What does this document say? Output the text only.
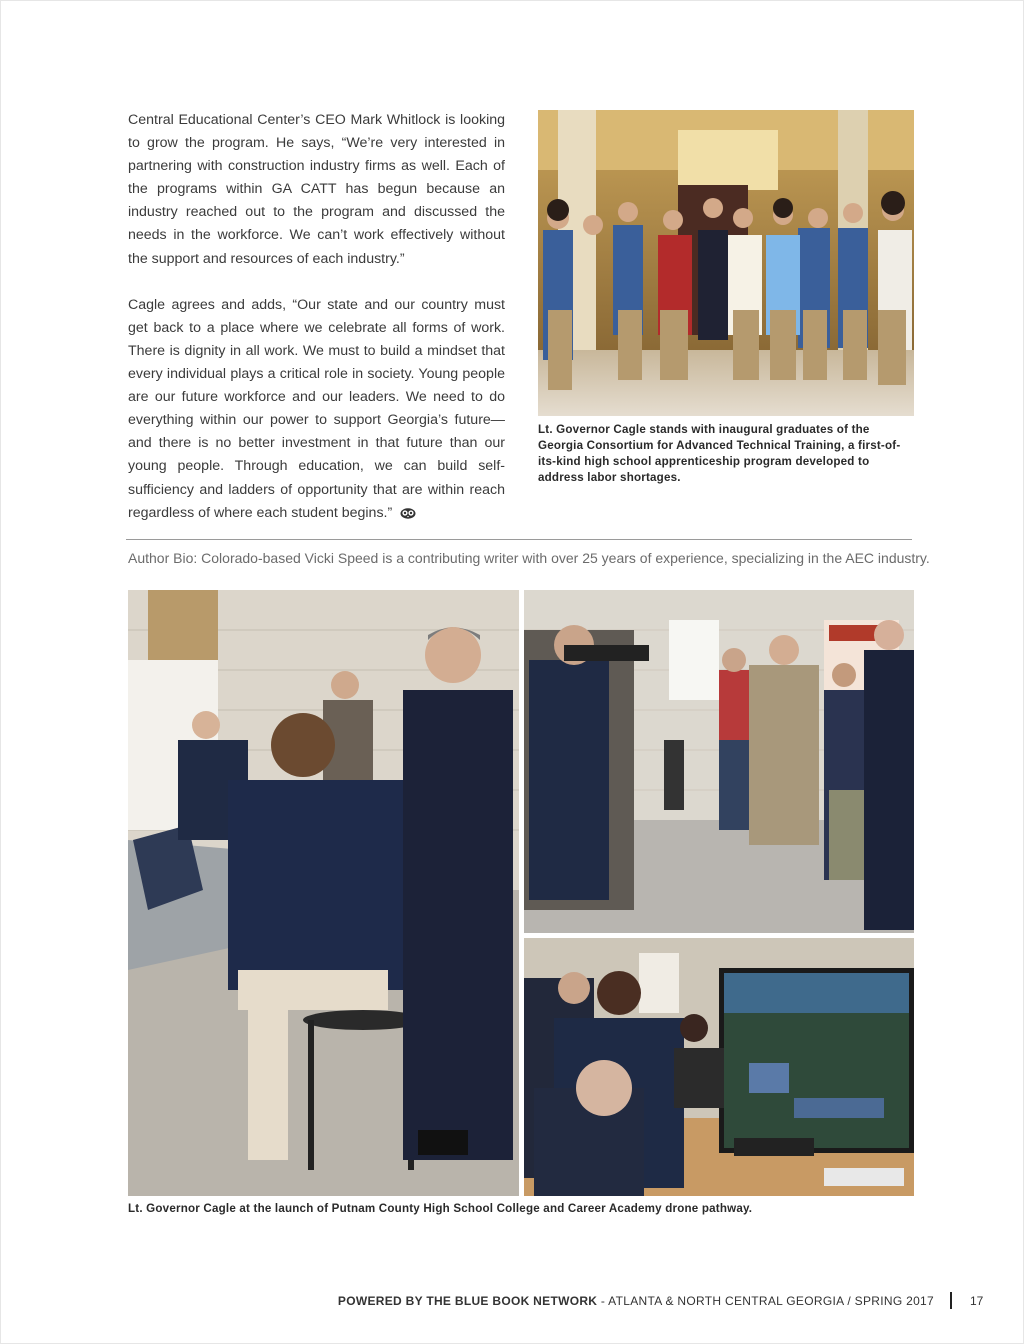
Central Educational Center’s CEO Mark Whitlock is looking to grow the program. He says, “We’re very interested in partnering with construction industry firms as well. Each of the programs within GA CATT has begun because an industry reached out to the program and discussed the needs in the workforce. We can’t work effectively without the support and resources of each industry.”

Cagle agrees and adds, “Our state and our country must get back to a place where we celebrate all forms of work. There is dignity in all work. We must to build a mindset that every individual plays a critical role in society. Young people are our future workforce and our leaders. We need to do everything within our power to support Georgia’s future—and there is no better investment in that future than our young people. Through education, we can build self-sufficiency and ladders of opportunity that are within reach regardless of where each student begins.”

Lt. Governor Cagle stands with inaugural graduates of the Georgia Consortium for Advanced Technical Training, a first-of-its-kind high school apprenticeship program developed to address labor shortages.
Author Bio: Colorado-based Vicki Speed is a contributing writer with over 25 years of experience, specializing in the AEC industry.
Lt. Governor Cagle at the launch of Putnam County High School College and Career Academy drone pathway.
POWERED BY THE BLUE BOOK NETWORK - ATLANTA & NORTH CENTRAL GEORGIA / SPRING 2017	17
